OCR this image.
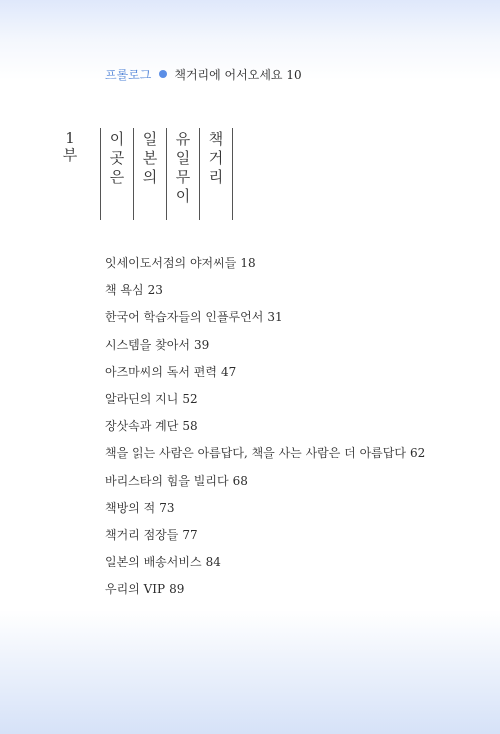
프롤로그 책거리에 어서오세요 10
1
부
이
곳
은
일
본
의
유
일
무
이
책
거
리
잇세이도서점의 야저씨들 18
책 욕심 23
한국어 학습자들의 인플루언서 31
시스템을 찾아서 39
아즈마씨의 독서 편력 47
알라딘의 지니 52
장삿속과 계단 58
책을 읽는 사람은 아름답다, 책을 사는 사람은 더 아름답다 62
바리스타의 힘을 빌리다 68
책방의 적 73
책거리 점장들 77
일본의 배송서비스 84
우리의 VIP 89
